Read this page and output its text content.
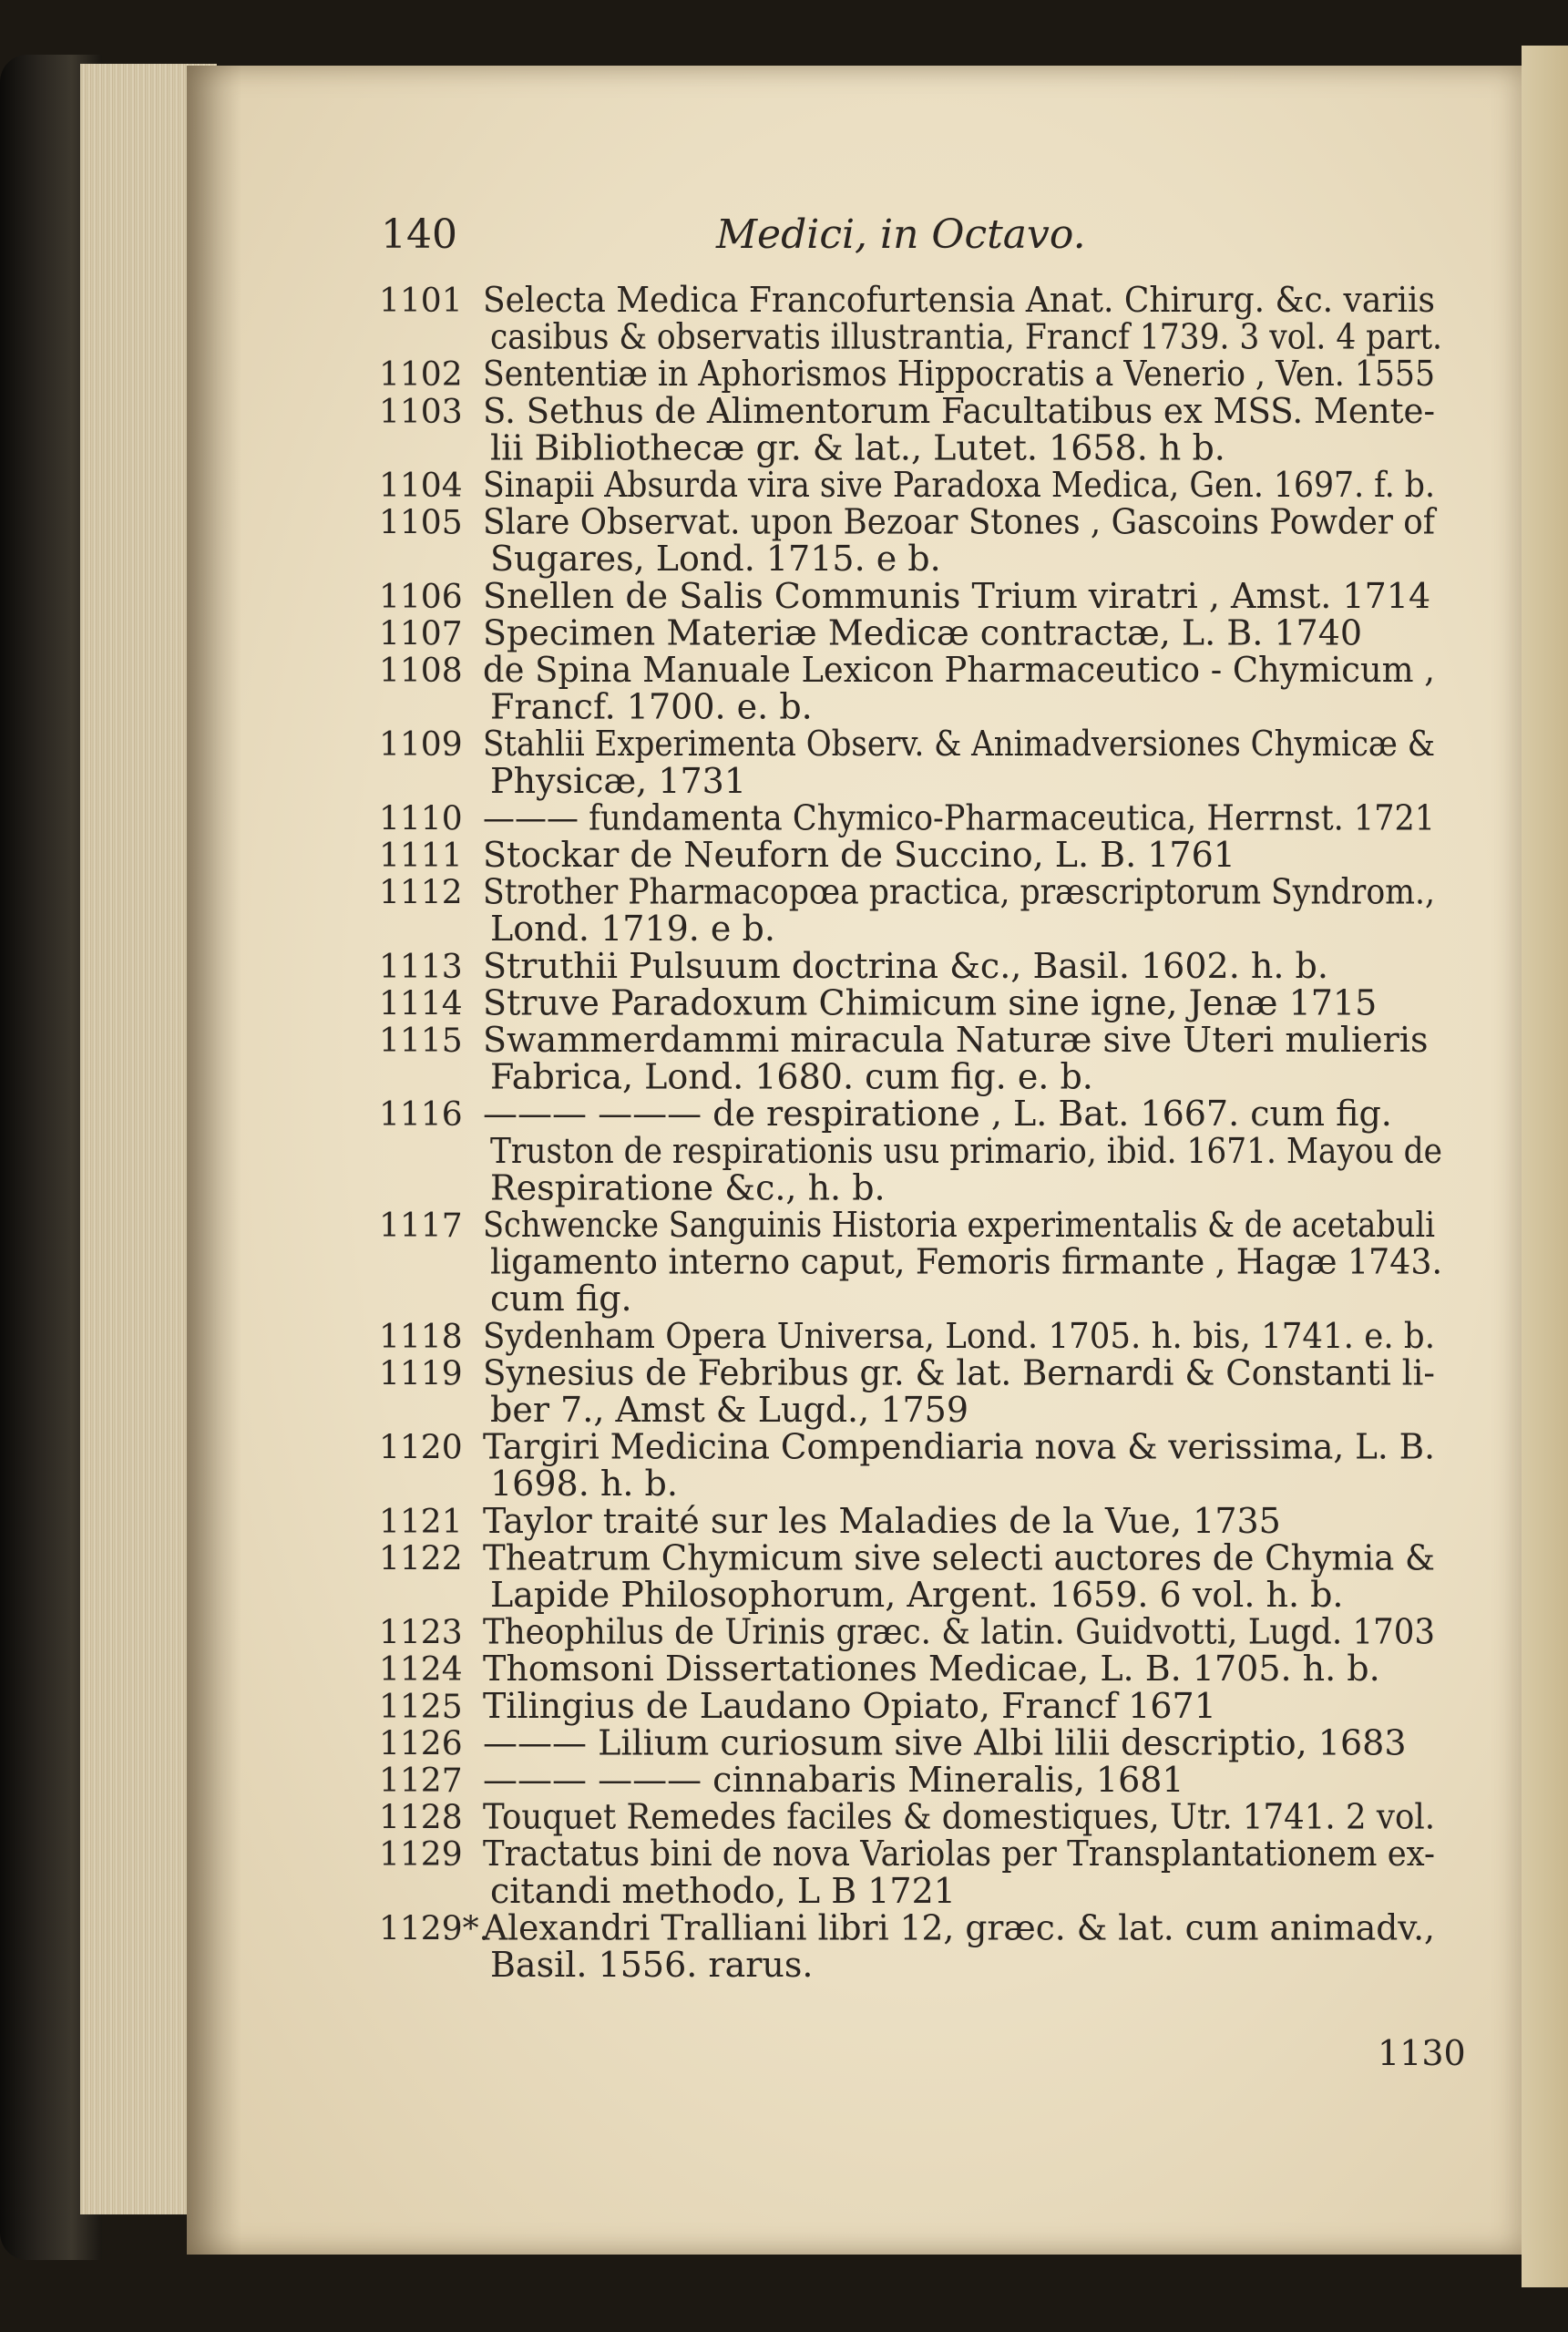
140	Medici, in Octavo.
1101 Selecta Medica Francofurtensia Anat. Chirurg. &c. variis
casibus & observatis illustrantia, Francf 1739. 3 vol. 4 part.
1102 Sententiæ in Aphorismos Hippocratis a Venerio , Ven. 1555
1103 S. Sethus de Alimentorum Facultatibus ex MSS. Mente-
lii Bibliothecæ gr. & lat., Lutet. 1658. h b.
1104 Sinapii Absurda vira sive Paradoxa Medica, Gen. 1697. f. b.
1105 Slare Observat. upon Bezoar Stones , Gascoins Powder of
Sugares, Lond. 1715. e b.
1106 Snellen de Salis Communis Trium viratri , Amst. 1714
1107 Specimen Materiæ Medicæ contractæ, L. B. 1740
1108 de Spina Manuale Lexicon Pharmaceutico - Chymicum ,
Francf. 1700. e. b.
1109 Stahlii Experimenta Observ. & Animadversiones Chymicæ &
Physicæ, 1731
1110 ——— fundamenta Chymico-Pharmaceutica, Herrnst. 1721
1111 Stockar de Neuforn de Succino, L. B. 1761
1112 Strother Pharmacopœa practica, præscriptorum Syndrom.,
Lond. 1719. e b.
1113 Struthii Pulsuum doctrina &c., Basil. 1602. h. b.
1114 Struve Paradoxum Chimicum sine igne, Jenæ 1715
1115 Swammerdammi miracula Naturæ sive Uteri mulieris
Fabrica, Lond. 1680. cum fig. e. b.
1116 ——— ——— de respiratione , L. Bat. 1667. cum fig.
Truston de respirationis usu primario, ibid. 1671. Mayou de
Respiratione &c., h. b.
1117 Schwencke Sanguinis Historia experimentalis & de acetabuli
ligamento interno caput, Femoris firmante , Hagæ 1743.
cum fig.
1118 Sydenham Opera Universa, Lond. 1705. h. bis, 1741. e. b.
1119 Synesius de Febribus gr. & lat. Bernardi & Constanti li-
ber 7., Amst & Lugd., 1759
1120 Targiri Medicina Compendiaria nova & verissima, L. B.
1698. h. b.
1121 Taylor traité sur les Maladies de la Vue, 1735
1122 Theatrum Chymicum sive selecti auctores de Chymia &
Lapide Philosophorum, Argent. 1659. 6 vol. h. b.
1123 Theophilus de Urinis græc. & latin. Guidvotti, Lugd. 1703
1124 Thomsoni Dissertationes Medicae, L. B. 1705. h. b.
1125 Tilingius de Laudano Opiato, Francf 1671
1126 ——— Lilium curiosum sive Albi lilii descriptio, 1683
1127 ——— ——— cinnabaris Mineralis, 1681
1128 Touquet Remedes faciles & domestiques, Utr. 1741. 2 vol.
1129 Tractatus bini de nova Variolas per Transplantationem ex-
citandi methodo, L B 1721
1129*.
Alexandri Tralliani libri 12, græc. & lat. cum animadv.,
Basil. 1556. rarus.
1130
